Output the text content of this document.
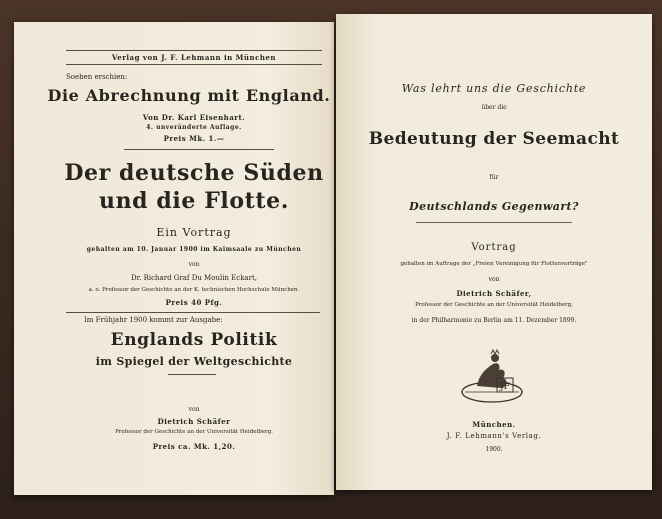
Verlag von J. F. Lehmann in München
Soeben erschien:
Die Abrechnung mit England.
Von Dr. Karl Eisenhart.
4. unveränderte Auflage.
Preis Mk. 1.—
Der deutsche Süden
und die Flotte.
Ein Vortrag
gehalten am 10. Januar 1900 im Kaimsaale zu München
von
Dr. Richard Graf Du Moulin Eckart,
a. o. Professor der Geschichte an der K. technischen Hochschule München.
Preis 40 Pfg.
Im Frühjahr 1900 kommt zur Ausgabe:
Englands Politik
im Spiegel der Weltgeschichte
von
Dietrich Schäfer
Professor der Geschichte an der Universität Heidelberg.
Preis ca. Mk. 1,20.
Was lehrt uns die Geschichte
über die
Bedeutung der Seemacht
für
Deutschlands Gegenwart?
Vortrag
gehalten im Auftrage der „Freien Vereinigung für Flottenvorträge"
von
Dietrich Schäfer,
Professor der Geschichte an der Universität Heidelberg,
in der Philharmonie zu Berlin am 11. Dezember 1899.
JF
München.
J. F. Lehmann's Verlag.
1900.
